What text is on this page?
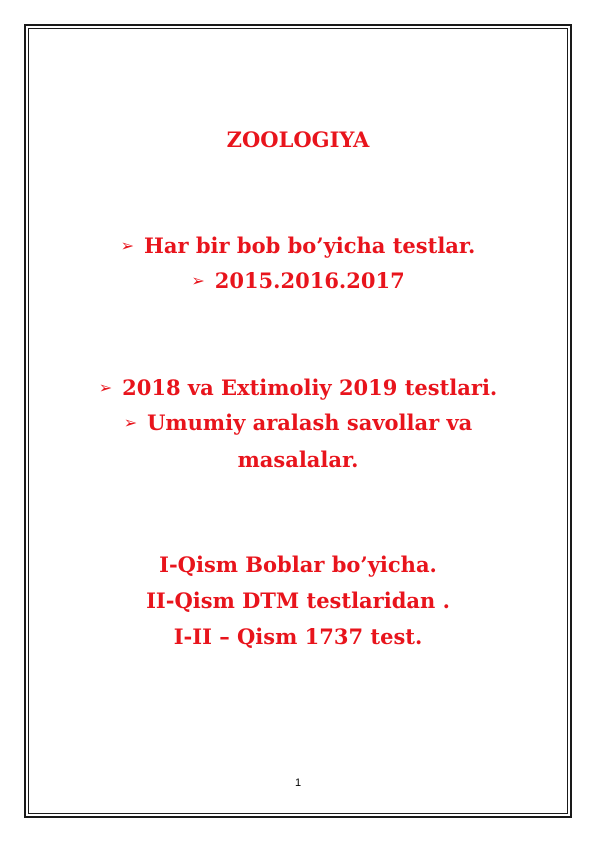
ZOOLOGIYA
➢ Har bir bob bo’yicha testlar.
➢ 2015.2016.2017
➢ 2018 va Extimoliy 2019 testlari.
➢ Umumiy aralash savollar va
masalalar.
I-Qism Boblar bo’yicha.
II-Qism DTM testlaridan .
I-II – Qism 1737 test.
1
